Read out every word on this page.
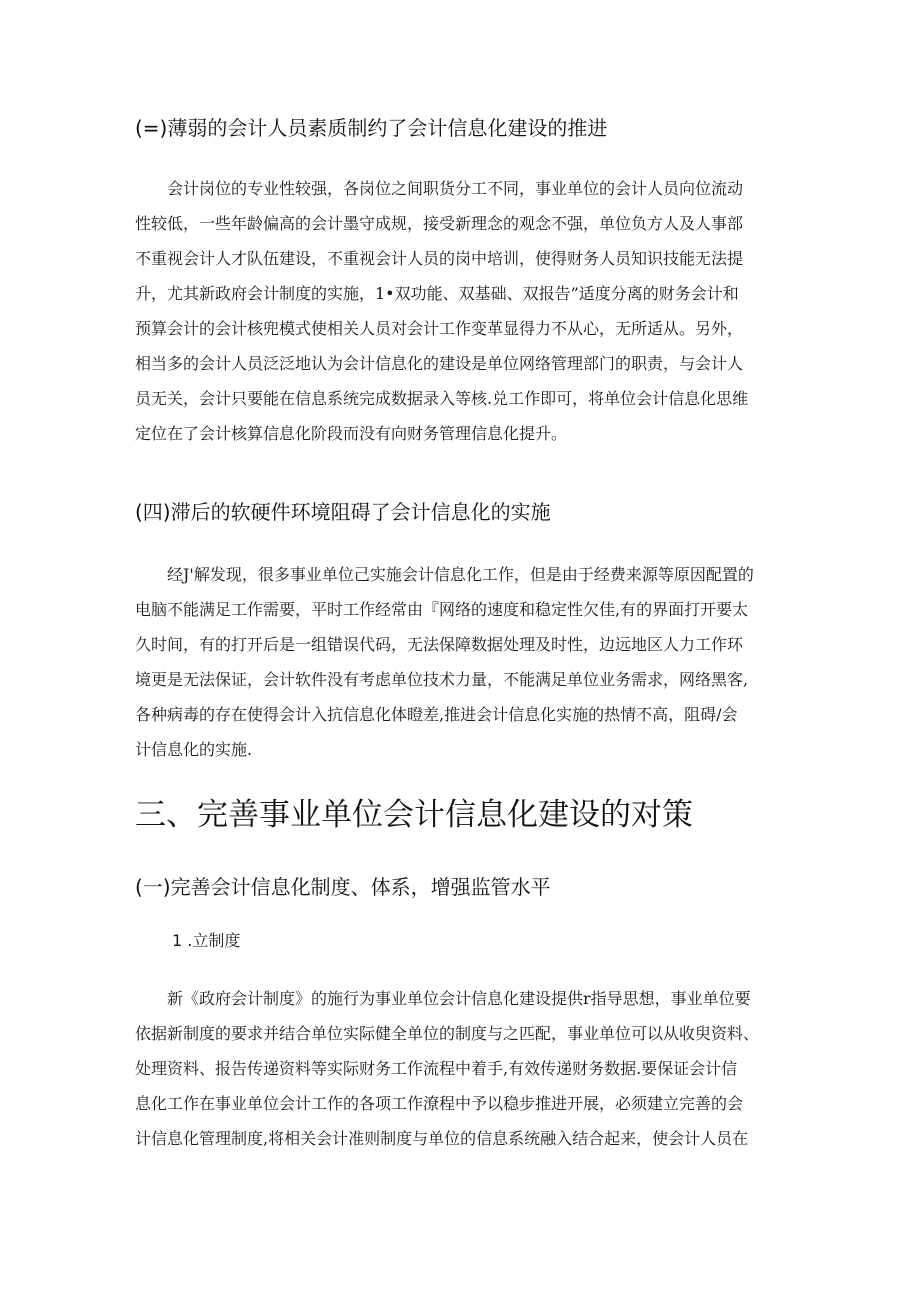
(=)薄弱的会计人员素质制约了会计信息化建设的推进
　　会计岗位的专业性较强，各岗位之间职货分工不同，事业单位的会计人员向位流动
性较低，一些年龄偏高的会计墨守成规，接受新理念的观念不强，单位负方人及人事部
不重视会计人才队伍建设，不重视会计人员的岗中培训，使得财务人员知识技能无法提
升，尤其新政府会计制度的实施，1•双功能、双基础、双报告”适度分离的财务会计和
预算会计的会计核兜模式使相关人员对会计工作变革显得力不从心，无所适从。另外，
相当多的会计人员泛泛地认为会计信息化的建设是单位网络管理部门的职责，与会计人
员无关，会计只要能在信息系统完成数据录入等核.兑工作即可，将单位会计信息化思维
定位在了会计核算信息化阶段而没有向财务管理信息化提升。
(四)滞后的软硬件环境阻碍了会计信息化的实施
　　经J'解发现，很多事业单位己实施会计信息化工作，但是由于经费来源等原因配置的
电脑不能满足工作需要，平时工作经常由『网络的速度和稳定性欠佳,有的界面打开要太
久时间，有的打开后是一组错误代码，无法保障数据处理及时性，边远地区人力工作环
境更是无法保证，会计软件没有考虑单位技术力量，不能满足单位业务需求，网络黑客,
各种病毒的存在使得会计入抗信息化体瞪差,推进会计信息化实施的热情不高，阻碍/会
计信息化的实施.
三、完善事业单位会计信息化建设的对策
(一)完善会计信息化制度、体系，增强监管水平
1 .立制度
　　新《政府会计制度》的施行为事业单位会计信息化建设提供r指导思想，事业单位要
依据新制度的要求并结合单位实际健全单位的制度与之匹配，事业单位可以从收臾资料、
处理资料、报告传递资料等实际财务工作流程中着手,有效传递财务数据.要保证会计信
息化工作在事业单位会计工作的各项工作潦程中予以稳步推进开展，必须建立完善的会
计信息化管理制度,将相关会计准则制度与单位的信息系统融入结合起来，使会计人员在
